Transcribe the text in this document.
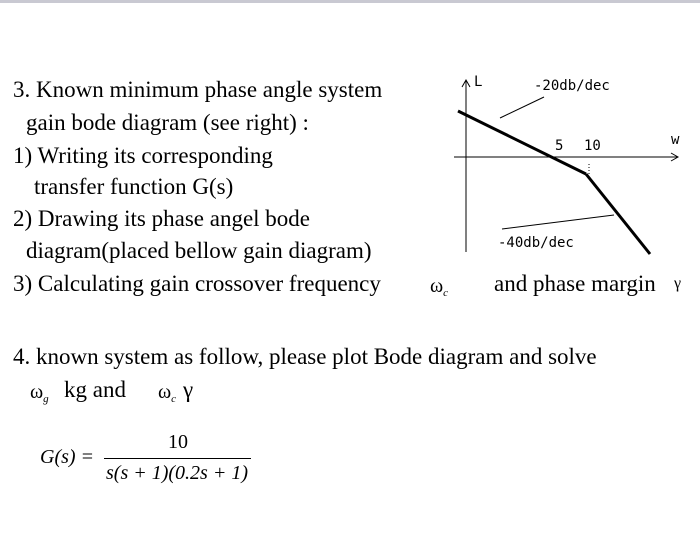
3. Known minimum phase angle system
gain bode diagram (see right) :
1) Writing its corresponding
transfer function G(s)
2) Drawing its phase angel bode
diagram(placed bellow gain diagram)
3) Calculating gain crossover frequency $\omega_c$ and phase margin γ
L
w
-20db/dec
-40db/dec
5 10
4. known system as follow, please plot Bode diagram and solve
$\omega_g$ kg and $\omega_c$ γ
G(s) =
10
s(s + 1)(0.2s + 1)
